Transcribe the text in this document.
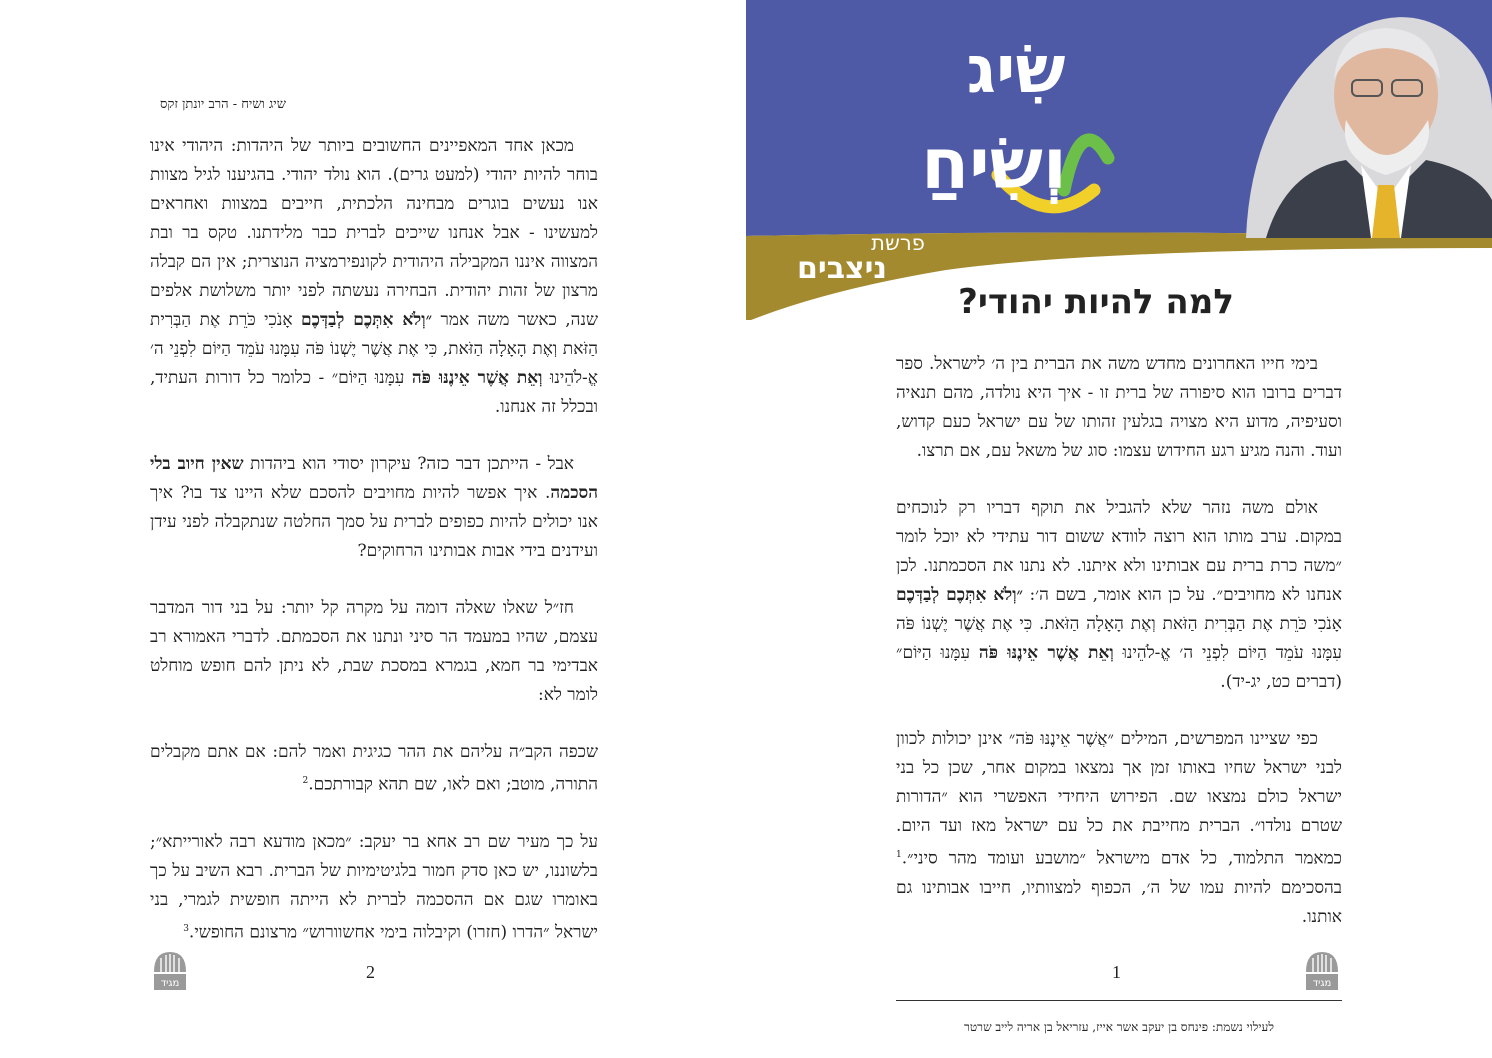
שיג ושיח - הרב יונתן זקס

מכאן אחד המאפיינים החשובים ביותר של היהדות: היהודי אינו בוחר להיות יהודי (למעט גרים). הוא נולד יהודי. בהגיענו לגיל מצוות אנו נעשים בוגרים מבחינה הלכתית, חייבים במצוות ואחראים למעשינו - אבל אנחנו שייכים לברית כבר מלידתנו. טקס בר ובת המצווה איננו המקבילה היהודית לקונפירמציה הנוצרית; אין הם קבלה מרצון של זהות יהודית. הבחירה נעשתה לפני יותר משלושת אלפים שנה, כאשר משה אמר ״וְלֹא אִתְּכֶם לְבַדְּכֶם אָנֹכִי כֹּרֵת אֶת הַבְּרִית הַזֹּאת וְאֶת הָאָלָה הַזֹּאת, כִּי אֶת אֲשֶׁר יֶשְׁנוֹ פֹּה עִמָּנוּ עֹמֵד הַיּוֹם לִפְנֵי ה׳ אֱ-לֹהֵינוּ וְאֵת אֲשֶׁר אֵינֶנּוּ פֹּה עִמָּנוּ הַיּוֹם״ - כלומר כל דורות העתיד, ובכלל זה אנחנו.

אבל - הייתכן דבר כזה? עיקרון יסודי הוא ביהדות שאין חיוב בלי הסכמה. איך אפשר להיות מחויבים להסכם שלא היינו צד בו? איך אנו יכולים להיות כפופים לברית על סמך החלטה שנתקבלה לפני עידן ועידנים בידי אבות אבותינו הרחוקים?

חז״ל שאלו שאלה דומה על מקרה קל יותר: על בני דור המדבר עצמם, שהיו במעמד הר סיני ונתנו את הסכמתם. לדברי האמורא רב אבדימי בר חמא, בגמרא במסכת שבת, לא ניתן להם חופש מוחלט לומר לא:

שכפה הקב״ה עליהם את ההר כגיגית ואמר להם: אם אתם מקבלים התורה, מוטב; ואם לאו, שם תהא קבורתכם.$^2$

על כך מעיר שם רב אחא בר יעקב: ״מכאן מודעא רבה לאורייתא״; בלשוננו, יש כאן סדק חמור בלגיטימיות של הברית. רבא השיב על כך באומרו שגם אם ההסכמה לברית לא הייתה חופשית לגמרי, בני ישראל ״הדרו (חזרו) וקיבלוה בימי אחשוורוש״ מרצונם החופשי.$^3$

2
מגיד
שִׂיג
וְשִׂיחַ
פרשת
ניצבים
למה להיות יהודי?

בימי חייו האחרונים מחדש משה את הברית בין ה׳ לישראל. ספר דברים ברובו הוא סיפורה של ברית זו - איך היא נולדה, מהם תנאיה וסעיפיה, מדוע היא מצויה בגלעין זהותו של עם ישראל כעם קדוש, ועוד. והנה מגיע רגע החידוש עצמו: סוג של משאל עם, אם תרצו.

אולם משה נזהר שלא להגביל את תוקף דבריו רק לנוכחים במקום. ערב מותו הוא רוצה לוודא ששום דור עתידי לא יוכל לומר ״משה כרת ברית עם אבותינו ולא איתנו. לא נתנו את הסכמתנו. לכן אנחנו לא מחויבים״. על כן הוא אומר, בשם ה׳: ״וְלֹא אִתְּכֶם לְבַדְּכֶם אָנֹכִי כֹּרֵת אֶת הַבְּרִית הַזֹּאת וְאֶת הָאָלָה הַזֹּאת. כִּי אֶת אֲשֶׁר יֶשְׁנוֹ פֹּה עִמָּנוּ עֹמֵד הַיּוֹם לִפְנֵי ה׳ אֱ-לֹהֵינוּ וְאֵת אֲשֶׁר אֵינֶנּוּ פֹּה עִמָּנוּ הַיּוֹם״ (דברים כט, יג-יד).

כפי שציינו המפרשים, המילים ״אֲשֶׁר אֵינֶנּוּ פֹּה״ אינן יכולות לכוון לבני ישראל שחיו באותו זמן אך נמצאו במקום אחר, שכן כל בני ישראל כולם נמצאו שם. הפירוש היחידי האפשרי הוא ״הדורות שטרם נולדו״. הברית מחייבת את כל עם ישראל מאז ועד היום. כמאמר התלמוד, כל אדם מישראל ״מושבע ועומד מהר סיני״.$^1$ בהסכימם להיות עמו של ה׳, הכפוף למצוותיו, חייבו אבותינו גם אותנו.

1
מגיד
לעילוי נשמת: פינחס בן יעקב אשר אייז, עזריאל בן אריה לייב שרטר
